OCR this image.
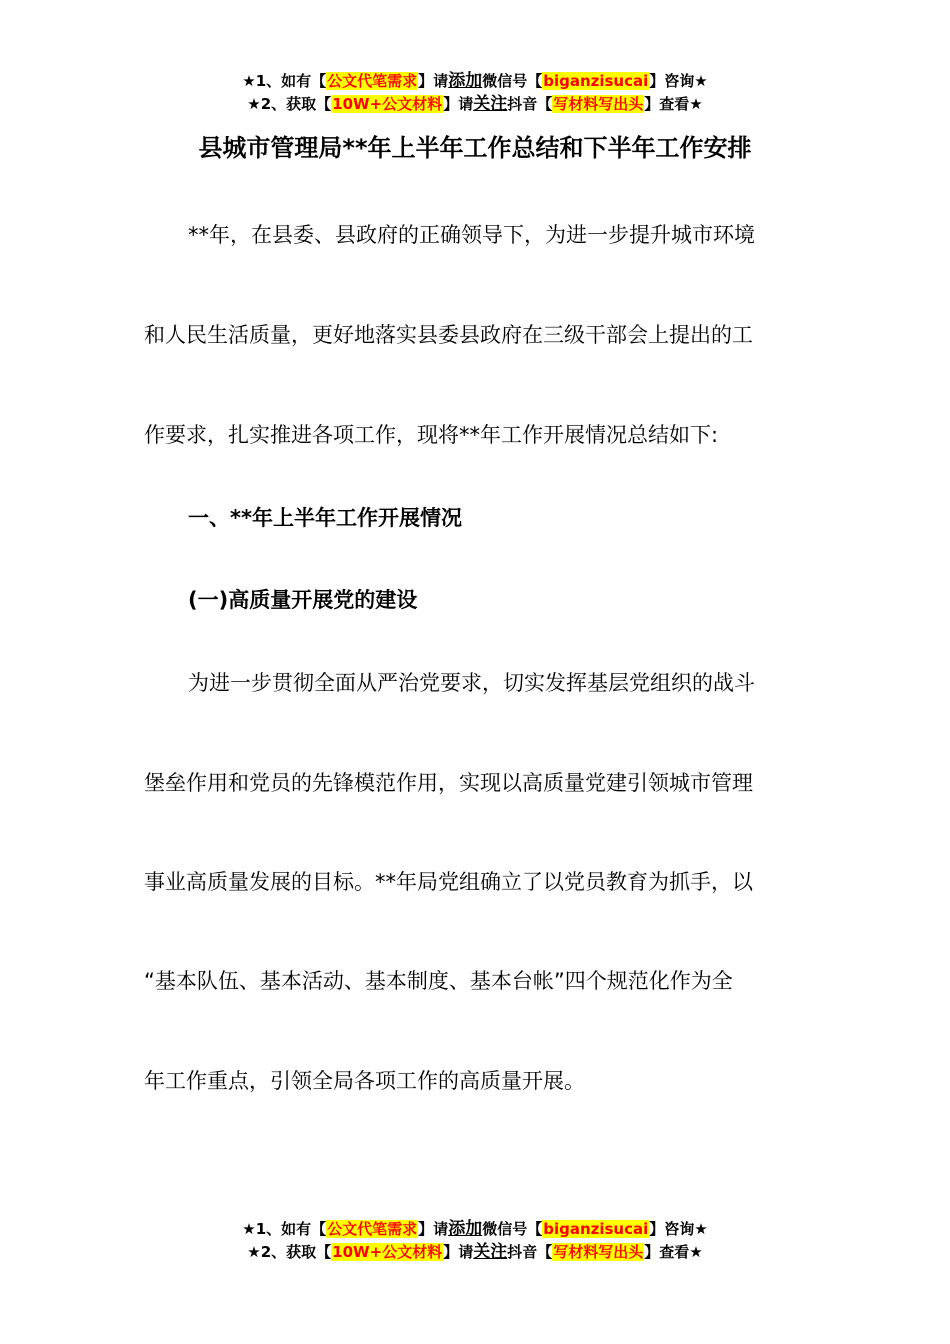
★1、如有【公文代笔需求】请添加微信号【biganzisucai】咨询★
★2、获取【10W+公文材料】请关注抖音【写材料写出头】查看★
县城市管理局**年上半年工作总结和下半年工作安排
**年，在县委、县政府的正确领导下，为进一步提升城市环境
和人民生活质量，更好地落实县委县政府在三级干部会上提出的工
作要求，扎实推进各项工作，现将**年工作开展情况总结如下:
一、**年上半年工作开展情况
(一)高质量开展党的建设
为进一步贯彻全面从严治党要求，切实发挥基层党组织的战斗
堡垒作用和党员的先锋模范作用，实现以高质量党建引领城市管理
事业高质量发展的目标。**年局党组确立了以党员教育为抓手，以
“基本队伍、基本活动、基本制度、基本台帐”四个规范化作为全
年工作重点，引领全局各项工作的高质量开展。
★1、如有【公文代笔需求】请添加微信号【biganzisucai】咨询★
★2、获取【10W+公文材料】请关注抖音【写材料写出头】查看★
